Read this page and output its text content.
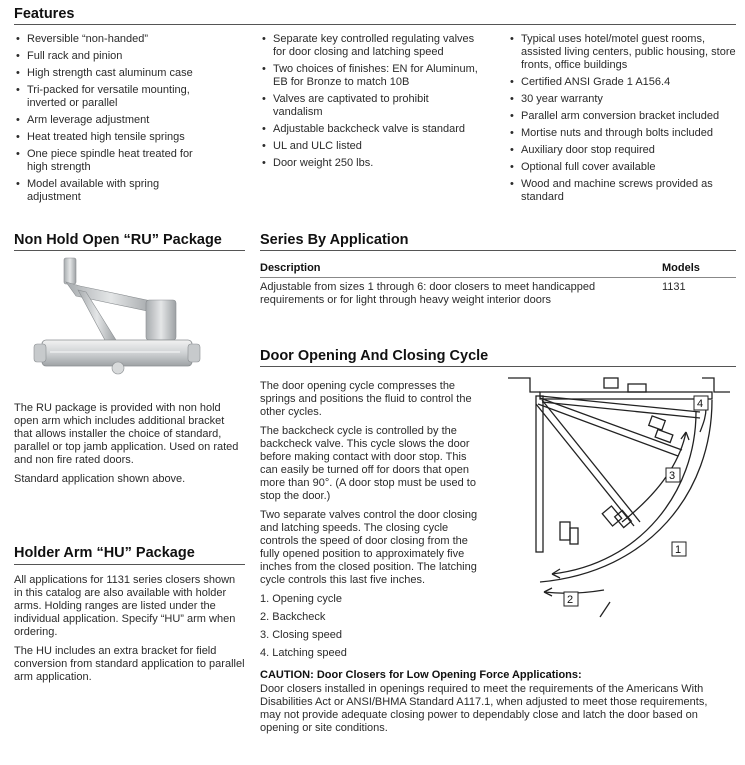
Features
• Reversible “non-handed”
• Full rack and pinion
• High strength cast aluminum case
• Tri-packed for versatile mounting, inverted or parallel
• Arm leverage adjustment
• Heat treated high tensile springs
• One piece spindle heat treated for high strength
• Model available with spring adjustment
• Separate key controlled regulating valves for door closing and latching speed
• Two choices of finishes: EN for Aluminum, EB for Bronze to match 10B
• Valves are captivated to prohibit vandalism
• Adjustable backcheck valve is standard
• UL and ULC listed
• Door weight 250 lbs.
• Typical uses hotel/motel guest rooms, assisted living centers, public housing, store fronts, office buildings
• Certified ANSI Grade 1 A156.4
• 30 year warranty
• Parallel arm conversion bracket included
• Mortise nuts and through bolts included
• Auxiliary door stop required
• Optional full cover available
• Wood and machine screws provided as standard
Non Hold Open “RU” Package

The RU package is provided with non hold open arm which includes additional bracket that allows installer the choice of standard, parallel or top jamb application. Used on rated and non fire rated doors.

Standard application shown above.

Holder Arm “HU” Package

All applications for 1131 series closers shown in this catalog are also available with holder arms. Holding ranges are listed under the individual application. Specify “HU” arm when ordering.

The HU includes an extra bracket for field conversion from standard application to parallel arm application.

Series By Application
Description	Models
Adjustable from sizes 1 through 6: door closers to meet handicapped requirements or for light through heavy weight interior doors
1131
Door Opening And Closing Cycle

The door opening cycle compresses the springs and positions the fluid to control the other cycles.

The backcheck cycle is controlled by the backcheck valve. This cycle slows the door before making contact with door stop. This can easily be turned off for doors that open more than 90°. (A door stop must be used to stop the door.)

Two separate valves control the door closing and latching speeds. The closing cycle controls the speed of door closing from the fully opened position to approximately five inches from the closed position. The latching cycle controls this last five inches.

1. Opening cycle
2. Backcheck
3. Closing speed
4. Latching speed
4
3
1
2
CAUTION: Door Closers for Low Opening Force Applications:

Door closers installed in openings required to meet the requirements of the Americans With Disabilities Act or ANSI/BHMA Standard A117.1, when adjusted to meet those requirements, may not provide adequate closing power to dependably close and latch the door based on opening or site conditions.
